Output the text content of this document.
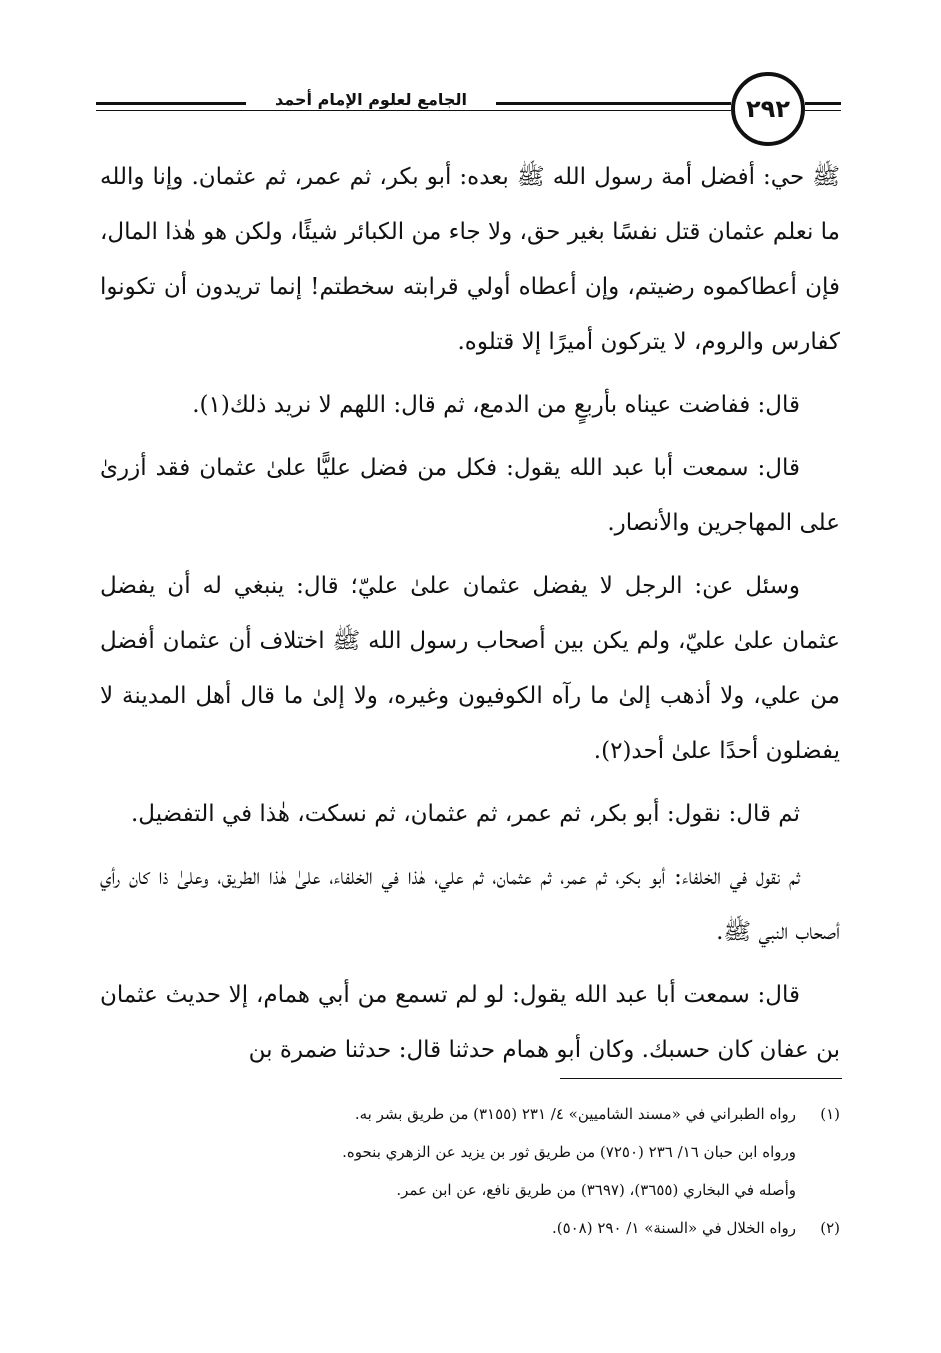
الجامع لعلوم الإمام أحمد	٢٩٢

ﷺ حي: أفضل أمة رسول الله ﷺ بعده: أبو بكر، ثم عمر، ثم عثمان. وإنا والله ما نعلم عثمان قتل نفسًا بغير حق، ولا جاء من الكبائر شيئًا، ولكن هو هٰذا المال، فإن أعطاكموه رضيتم، وإن أعطاه أولي قرابته سخطتم! إنما تريدون أن تكونوا كفارس والروم، لا يتركون أميرًا إلا قتلوه.

قال: ففاضت عيناه بأربعٍ من الدمع، ثم قال: اللهم لا نريد ذلك(١).

قال: سمعت أبا عبد الله يقول: فكل من فضل عليًّا علىٰ عثمان فقد أزرىٰ على المهاجرين والأنصار.

وسئل عن: الرجل لا يفضل عثمان علىٰ عليّ؛ قال: ينبغي له أن يفضل عثمان علىٰ عليّ، ولم يكن بين أصحاب رسول الله ﷺ اختلاف أن عثمان أفضل من علي، ولا أذهب إلىٰ ما رآه الكوفيون وغيره، ولا إلىٰ ما قال أهل المدينة لا يفضلون أحدًا علىٰ أحد(٢).

ثم قال: نقول: أبو بكر، ثم عمر، ثم عثمان، ثم نسكت، هٰذا في التفضيل.

ثم نقول في الخلفاء: أبو بكر، ثم عمر، ثم عثمان، ثم علي، هٰذا في الخلفاء، علىٰ هٰذا الطريق، وعلىٰ ذا كان رأي أصحاب النبي ﷺ.

قال: سمعت أبا عبد الله يقول: لو لم تسمع من أبي همام، إلا حديث عثمان بن عفان كان حسبك. وكان أبو همام حدثنا قال: حدثنا ضمرة بن

(١)رواه الطبراني في «مسند الشاميين» ٤/ ٢٣١ (٣١٥٥) من طريق بشر به.

ورواه ابن حبان ١٦/ ٢٣٦ (٧٢٥٠) من طريق ثور بن يزيد عن الزهري بنحوه.

وأصله في البخاري (٣٦٥٥)، (٣٦٩٧) من طريق نافع، عن ابن عمر.

(٢)رواه الخلال في «السنة» ١/ ٢٩٠ (٥٠٨).
